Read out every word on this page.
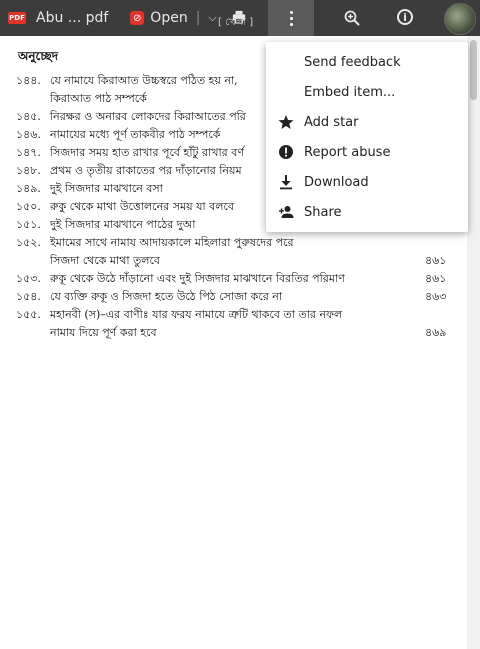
PDF Abu ... pdf ⊘ Open | ⌵	i
[ খেলা ]
অনুচ্ছেদ
১৪৪. যে নামাযে কিরাআত উচ্চস্বরে পঠিত হয় না,
কিরাআত পাঠ সম্পর্কে
১৪৫. নিরক্ষর ও অনারব লোকদের কিরাআতের পরি
১৪৬. নামাযের মধ্যে পূর্ণ তাকবীর পাঠ সম্পর্কে
১৪৭. সিজদার সময় হাত রাখার পূর্বে হাঁটু রাখার বর্ণ
১৪৮. প্রথম ও তৃতীয় রাকাতের পর দাঁড়ানোর নিয়ম
১৪৯. দুই সিজদার মাঝখানে বসা
১৫০. রুকু থেকে মাথা উত্তোলনের সময় যা বলবে
১৫১. দুই সিজদার মাঝখানে পাঠের দুআ
১৫২. ইমামের সাথে নামায আদায়কালে মহিলারা পুরুষদের পরে
সিজদা থেকে মাথা তুলবে
১৫৩. রুকূ থেকে উঠে দাঁড়ানো এবং দুই সিজদার মাঝখানে বিরতির পরিমাণ
১৫৪. যে ব্যক্তি রুকূ ও সিজদা হতে উঠে পিঠ সোজা করে না
১৫৫. মহানবী (স)–এর বাণীঃ যার ফরয নামাযে ত্রুটি থাকবে তা তার নফল
নামায দিয়ে পূর্ণ করা হবে
৪৬১
৪৬১
৪৬৩
৪৬৯
Send feedback
Embed item...
Add star
Report abuse
Download
Share
